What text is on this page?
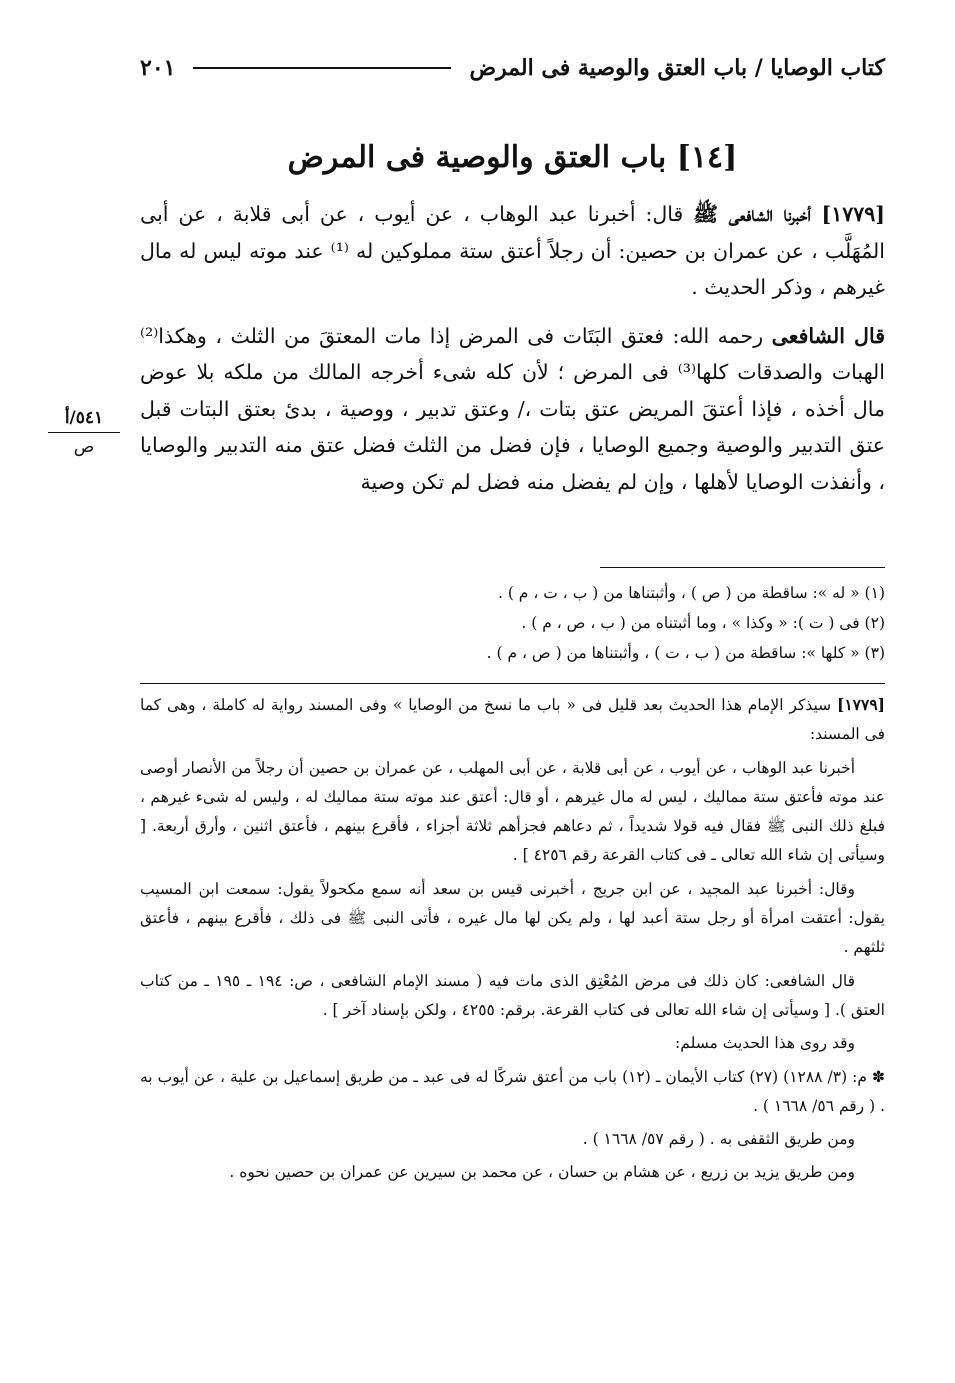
كتاب الوصايا / باب العتق والوصية فى المرض
٢٠١
[١٤] باب العتق والوصية فى المرض

[١٧٧٩] أخبرنا الشافعى ﷺ قال: أخبرنا عبد الوهاب ، عن أيوب ، عن أبى قلابة ، عن أبى المُهَلَّب ، عن عمران بن حصين: أن رجلاً أعتق ستة مملوكين له ⁽¹⁾ عند موته ليس له مال غيرهم ، وذكر الحديث .

قال الشافعى رحمه الله: فعتق البَتَات فى المرض إذا مات المعتقَ من الثلث ، وهكذا⁽²⁾ الهبات والصدقات كلها⁽³⁾ فى المرض ؛ لأن كله شىء أخرجه المالك من ملكه بلا عوض مال أخذه ، فإذا أعتقَ المريض عتق بتات ،/ وعتق تدبير ، ووصية ، بدئ بعتق البتات قبل عتق التدبير والوصية وجميع الوصايا ، فإن فضل من الثلث فضل عتق منه التدبير والوصايا ، وأنفذت الوصايا لأهلها ، وإن لم يفضل منه فضل لم تكن وصية

٥٤١/أ
ص
(١) « له »: ساقطة من ( ص ) ، وأثبتناها من ( ب ، ت ، م ) .
(٢) فى ( ت ): « وكذا » ، وما أثبتناه من ( ب ، ص ، م ) .
(٣) « كلها »: ساقطة من ( ب ، ت ) ، وأثبتناها من ( ص ، م ) .

[١٧٧٩] سيذكر الإمام هذا الحديث بعد قليل فى « باب ما نسخ من الوصايا » وفى المسند رواية له كاملة ، وهى كما فى المسند:

أخبرنا عبد الوهاب ، عن أيوب ، عن أبى قلابة ، عن أبى المهلب ، عن عمران بن حصين أن رجلاً من الأنصار أوصى عند موته فأعتق ستة مماليك ، ليس له مال غيرهم ، أو قال: أعتق عند موته ستة مماليك له ، وليس له شىء غيرهم ، فبلغ ذلك النبى ﷺ فقال فيه قولا شديداً ، ثم دعاهم فجزأهم ثلاثة أجزاء ، فأقرع بينهم ، فأعتق اثنين ، وأرق أربعة. [ وسيأتى إن شاء الله تعالى ـ فى كتاب القرعة رقم ٤٢٥٦ ] .

وقال: أخبرنا عبد المجيد ، عن ابن جريج ، أخبرنى قيس بن سعد أنه سمع مكحولاً يقول: سمعت ابن المسيب يقول: أعتقت امرأة أو رجل ستة أعبد لها ، ولم يكن لها مال غيره ، فأتى النبى ﷺ فى ذلك ، فأقرع بينهم ، فأعتق ثلثهم .

قال الشافعى: كان ذلك فى مرض المُعْتِق الذى مات فيه ( مسند الإمام الشافعى ، ص: ١٩٤ ـ ١٩٥ ـ من كتاب العتق ). [ وسيأتى إن شاء الله تعالى فى كتاب القرعة. برقم: ٤٢٥٥ ، ولكن بإسناد آخر ] .

وقد روى هذا الحديث مسلم:

✽ م: (٣/ ١٢٨٨) (٢٧) كتاب الأيمان ـ (١٢) باب من أعتق شركًا له فى عبد ـ من طريق إسماعيل بن علية ، عن أيوب به . ( رقم ٥٦/ ١٦٦٨ ) .

ومن طريق الثقفى به . ( رقم ٥٧/ ١٦٦٨ ) .

ومن طريق يزيد بن زريع ، عن هشام بن حسان ، عن محمد بن سيرين عن عمران بن حصين نحوه .
